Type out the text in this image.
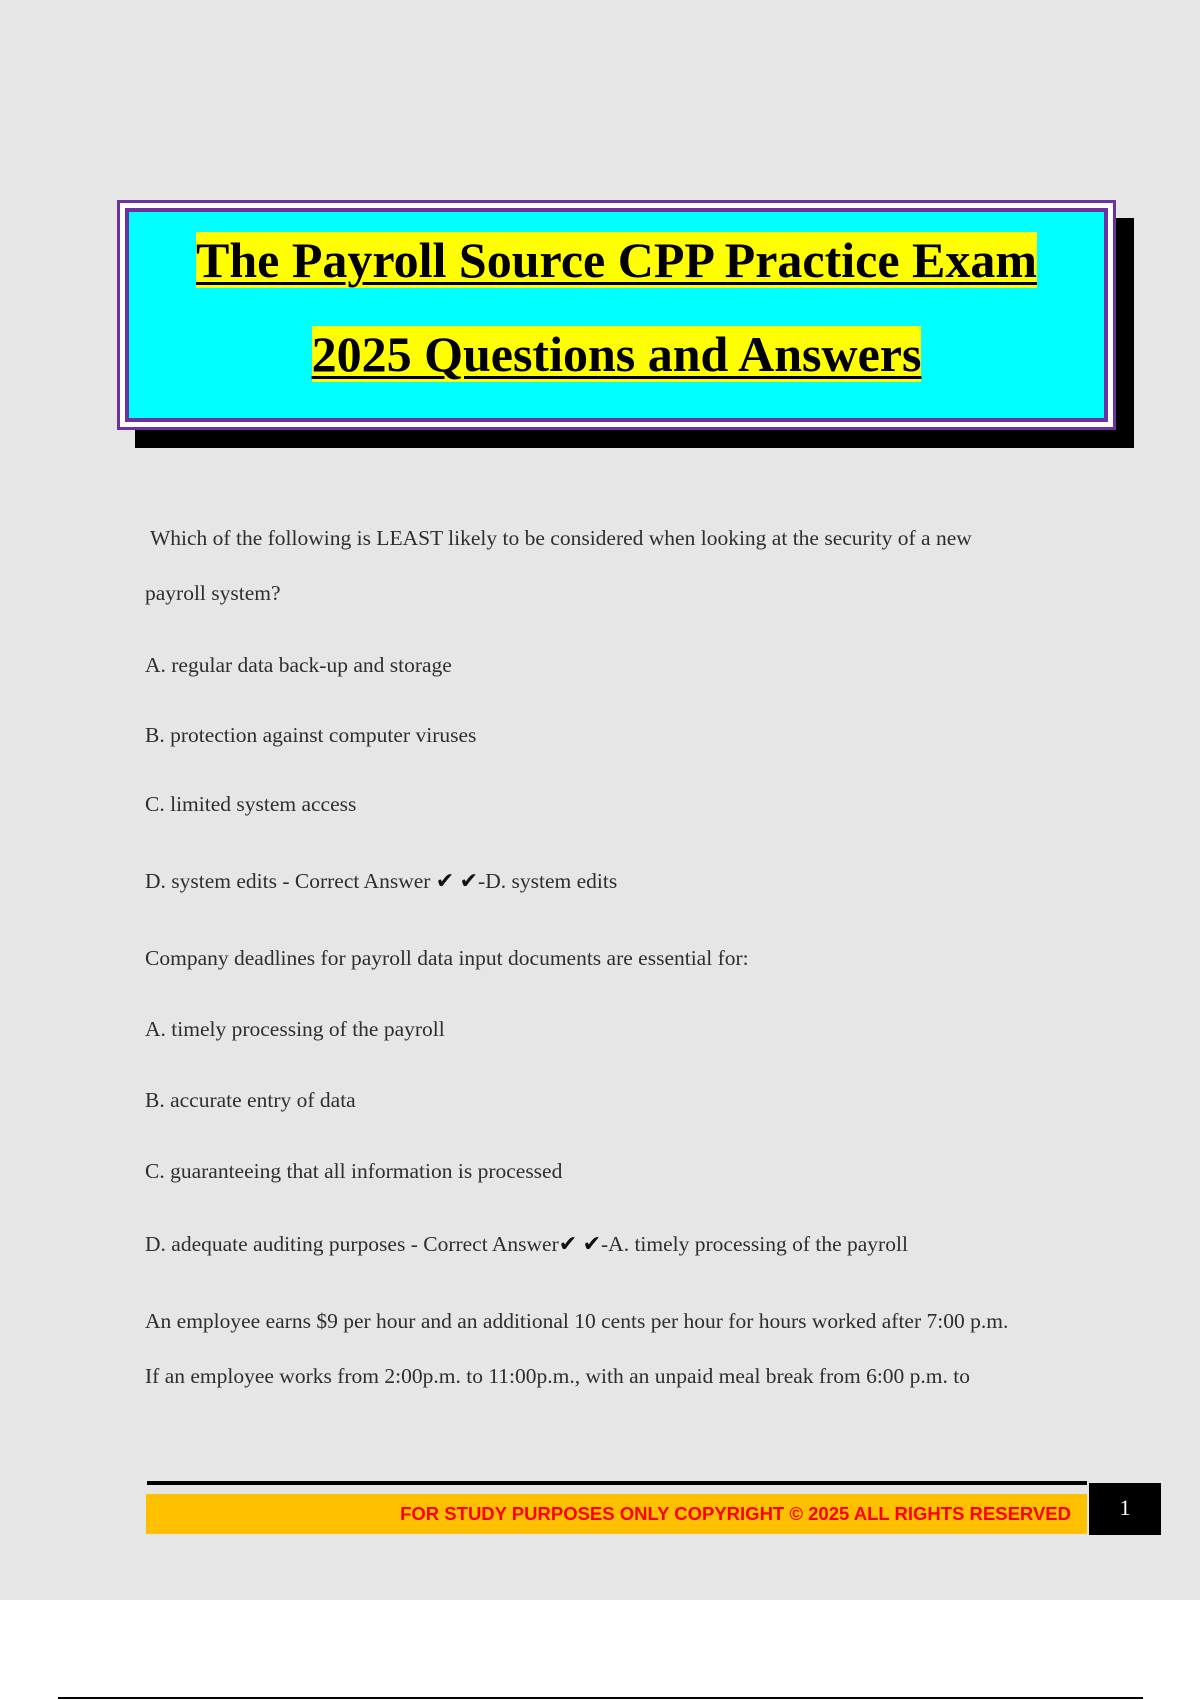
The Payroll Source CPP Practice Exam
2025 Questions and Answers
Which of the following is LEAST likely to be considered when looking at the security of a new
payroll system?
A. regular data back-up and storage
B. protection against computer viruses
C. limited system access
D. system edits - Correct Answer ✔ ✔-D. system edits
Company deadlines for payroll data input documents are essential for:
A. timely processing of the payroll
B. accurate entry of data
C. guaranteeing that all information is processed
D. adequate auditing purposes - Correct Answer✔ ✔-A. timely processing of the payroll
An employee earns $9 per hour and an additional 10 cents per hour for hours worked after 7:00 p.m.
If an employee works from 2:00p.m. to 11:00p.m., with an unpaid meal break from 6:00 p.m. to
FOR STUDY PURPOSES ONLY COPYRIGHT © 2025 ALL RIGHTS RESERVED	1
